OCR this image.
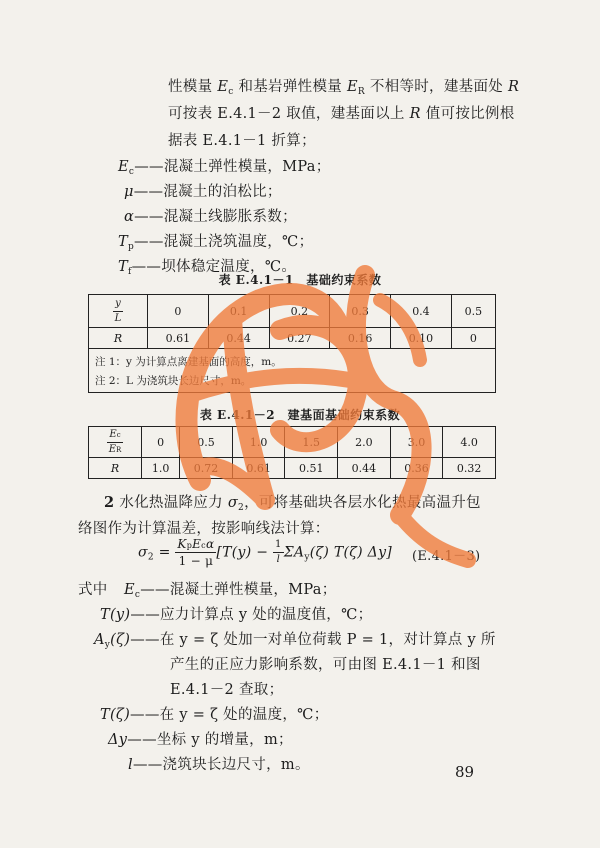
性模量 $E_c$ 和基岩弹性模量 $E_R$ 不相等时，建基面处 R
可按表 E.4.1－2 取值，建基面以上 R 值可按比例根
据表 E.4.1－1 折算；
$E_c——$混凝土弹性模量，MPa；
μ——混凝土的泊松比；
α——混凝土线膨胀系数；
$T_p——$混凝土浇筑温度，℃；
$T_f——$坝体稳定温度，℃。
表 E.4.1－1　基础约束系数
$\frac{y}{L}$	0	0.1	0.2	0.3	0.4	0.5
R	0.61	0.44	0.27	0.16	0.10	0

注 1：y 为计算点离建基面的高度，m。
注 2：L 为浇筑块长边尺寸，m。						
表 E.4.1－2　建基面基础约束系数
$\frac{Ec}{ER}$	0	0.5	1.0	1.5	2.0	3.0	4.0
R	1.0	0.72	0.61	0.51	0.44	0.36	0.32
2 水化热温降应力 $\sigma_2$，可将基础块各层水化热最高温升包
络图作为计算温差，按影响线法计算：
$\sigma_2 = \frac{\text{KpEcα}}{1 - \mu} [T(y) - \frac{1}{l} \Sigma A_y(\zeta)$ T(ζ) Δy] (E.4.1－3)
式中 $E_c——$混凝土弹性模量，MPa；
T(y)——应力计算点 y 处的温度值，℃；
$A_y(\zeta)——$在 y = ζ 处加一对单位荷载 P = 1，对计算点 y 所
产生的正应力影响系数，可由图 E.4.1－1 和图
E.4.1－2 查取；
T(ζ)——在 y = ζ 处的温度，℃；
Δy——坐标 y 的增量，m；
l——浇筑块长边尺寸，m。	89
